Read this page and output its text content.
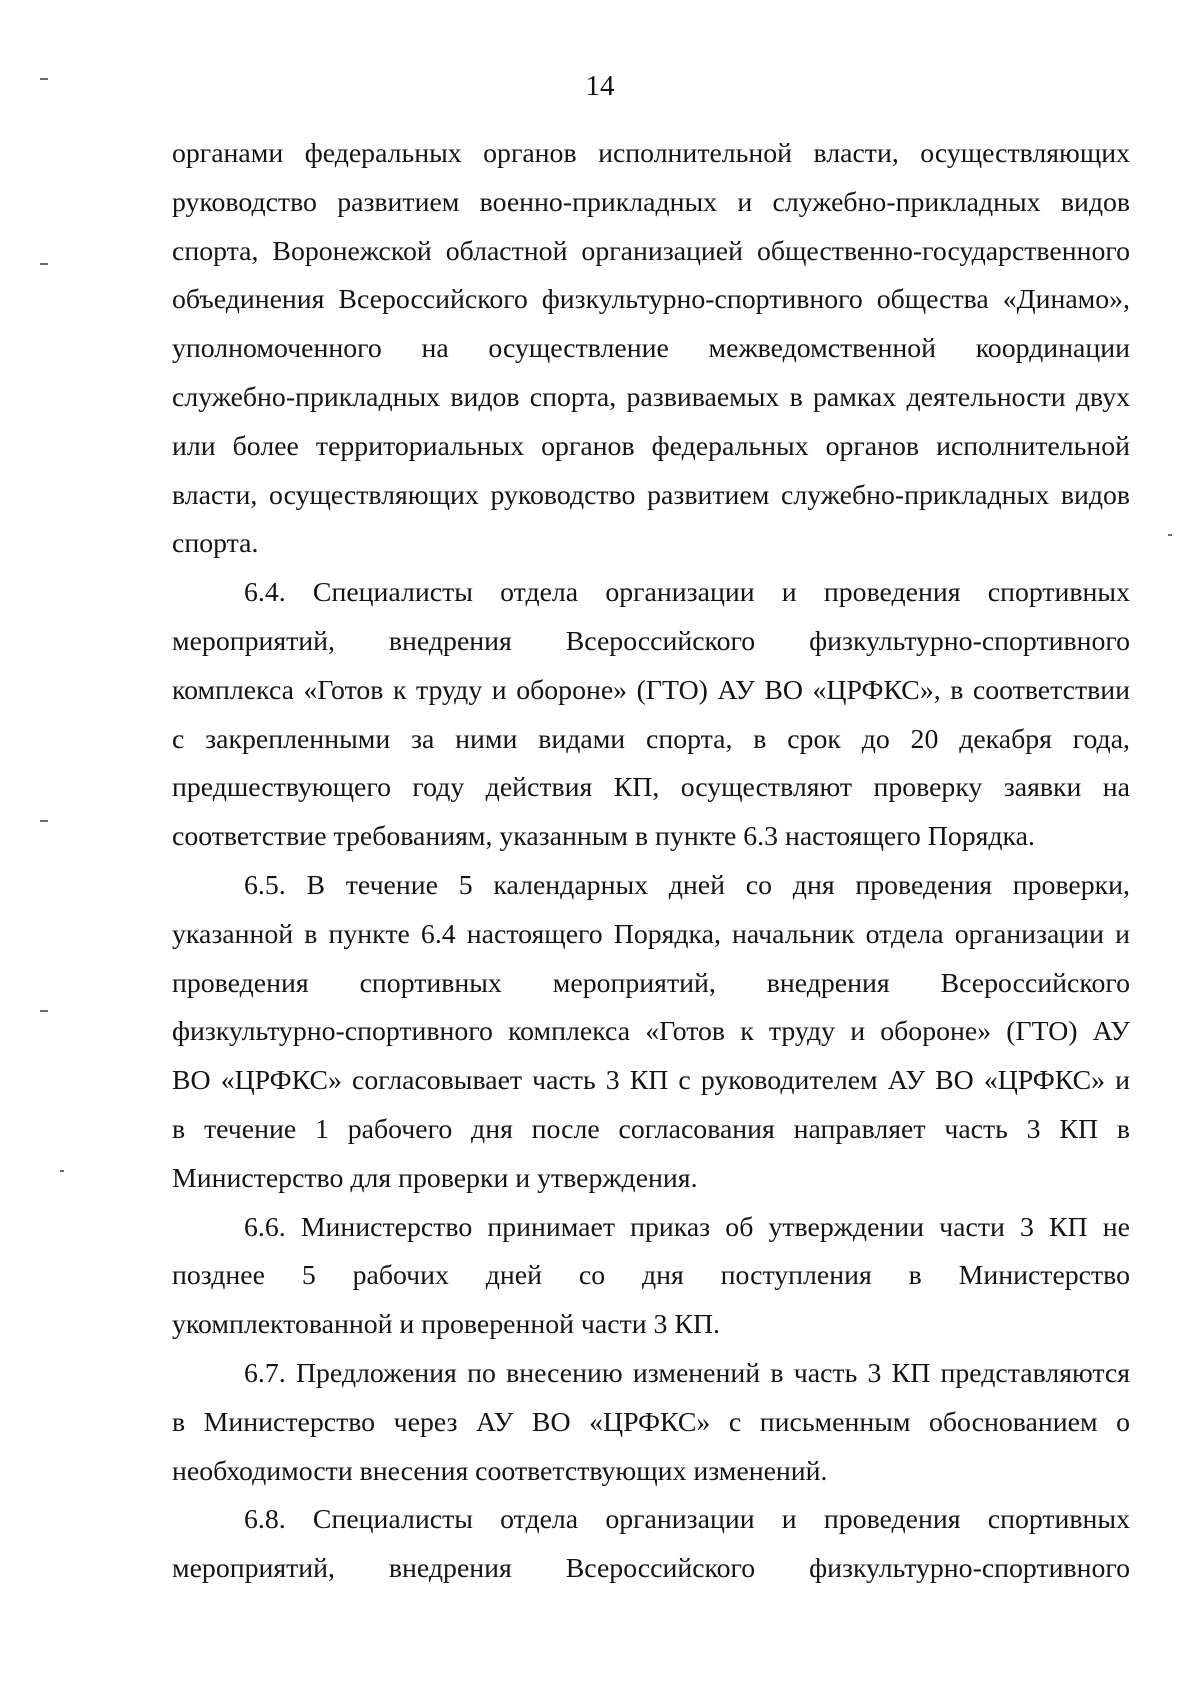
14

органами федеральных органов исполнительной власти, осуществляющих
руководство развитием военно-прикладных и служебно-прикладных видов
спорта, Воронежской областной организацией общественно-государственного
объединения Всероссийского физкультурно-спортивного общества «Динамо»,
уполномоченного на осуществление межведомственной координации
служебно-прикладных видов спорта, развиваемых в рамках деятельности двух
или более территориальных органов федеральных органов исполнительной
власти, осуществляющих руководство развитием служебно-прикладных видов
спорта.

6.4. Специалисты отдела организации и проведения спортивных
мероприятий, внедрения Всероссийского физкультурно-спортивного
комплекса «Готов к труду и обороне» (ГТО) АУ ВО «ЦРФКС», в соответствии
с закрепленными за ними видами спорта, в срок до 20 декабря года,
предшествующего году действия КП, осуществляют проверку заявки на
соответствие требованиям, указанным в пункте 6.3 настоящего Порядка.

6.5. В течение 5 календарных дней со дня проведения проверки,
указанной в пункте 6.4 настоящего Порядка, начальник отдела организации и
проведения спортивных мероприятий, внедрения Всероссийского
физкультурно-спортивного комплекса «Готов к труду и обороне» (ГТО) АУ
ВО «ЦРФКС» согласовывает часть 3 КП с руководителем АУ ВО «ЦРФКС» и
в течение 1 рабочего дня после согласования направляет часть 3 КП в
Министерство для проверки и утверждения.

6.6. Министерство принимает приказ об утверждении части 3 КП не
позднее 5 рабочих дней со дня поступления в Министерство
укомплектованной и проверенной части 3 КП.

6.7. Предложения по внесению изменений в часть 3 КП представляются
в Министерство через АУ ВО «ЦРФКС» с письменным обоснованием о
необходимости внесения соответствующих изменений.

6.8. Специалисты отдела организации и проведения спортивных
мероприятий, внедрения Всероссийского физкультурно-спортивного
